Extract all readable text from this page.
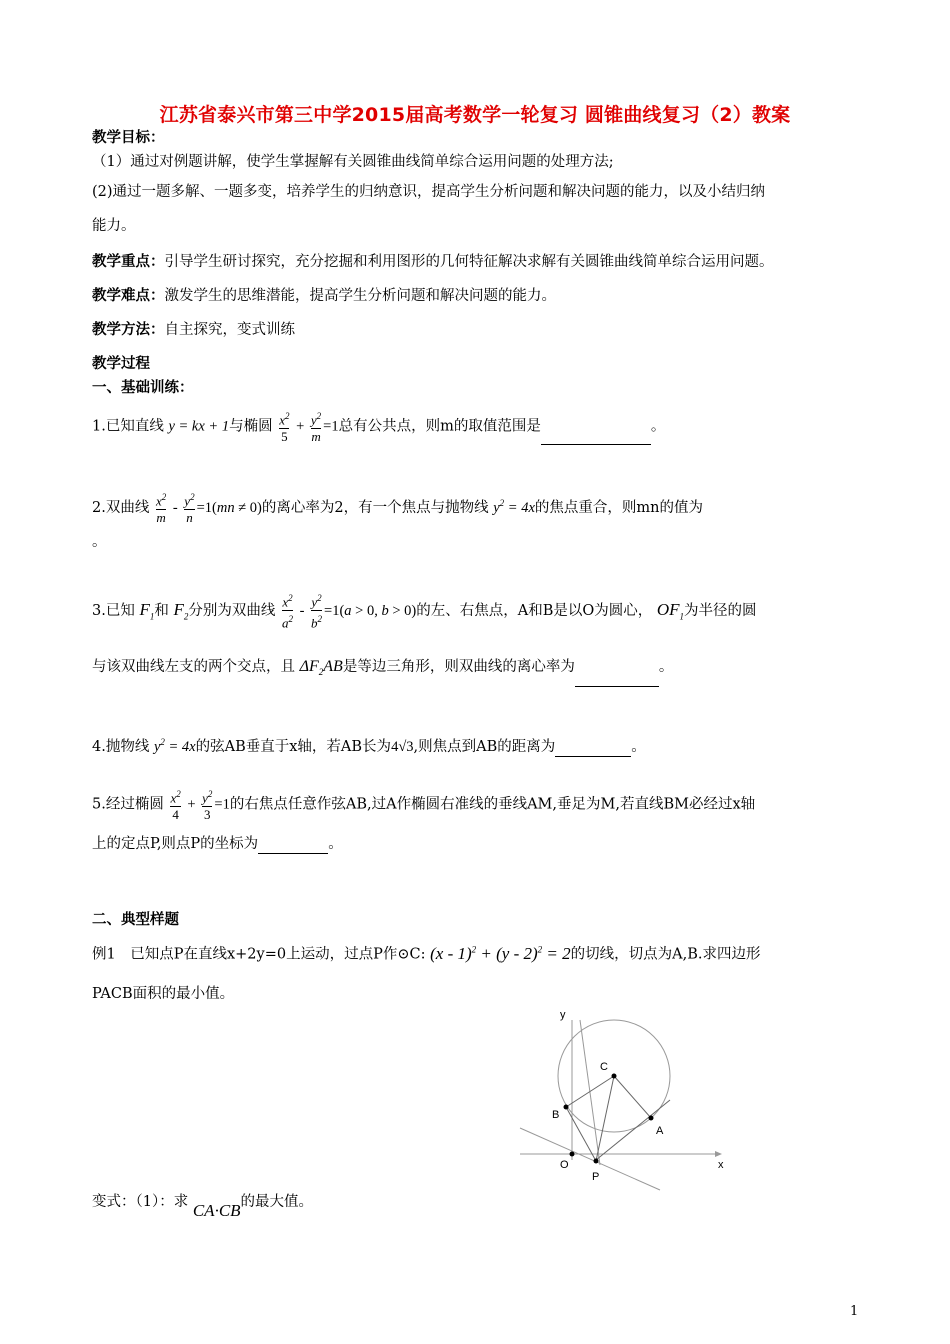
江苏省泰兴市第三中学2015届高考数学一轮复习 圆锥曲线复习（2）教案
教学目标：
（1）通过对例题讲解，使学生掌握解有关圆锥曲线简单综合运用问题的处理方法;
(2)通过一题多解、一题多变，培养学生的归纳意识，提高学生分析问题和解决问题的能力，以及小结归纳
能力。
教学重点：引导学生研讨探究，充分挖掘和利用图形的几何特征解决求解有关圆锥曲线简单综合运用问题。
教学难点：激发学生的思维潜能，提高学生分析问题和解决问题的能力。
教学方法：自主探究，变式训练
教学过程
一、基础训练：
1.已知直线 y = kx + 1与椭圆 $\frac{x^2}{5} + \frac{y^2}{m} =1$总有公共点，则m的取值范围是	。
2.双曲线 $\frac{x^2}{m} - \frac{y^2}{n} =1(mn \ne 0)$的离心率为2，有一个焦点与抛物线 $y^2 = 4x$的焦点重合，则mn的值为
。
3.已知 $F_1$和 $F_2$分别为双曲线 $\frac{x^2}{a^2} - \frac{y^2}{b^2} =1(a > 0$, b > 0)的左、右焦点，A和B是以O为圆心， $OF_1$为半径的圆
与该双曲线左支的两个交点，且 $\Delta F_2AB$是等边三角形，则双曲线的离心率为	。
4.抛物线 $y^2 = 4x$的弦AB垂直于x轴，若AB长为4√3,则焦点到AB的距离为	。
5.经过椭圆 $\frac{x^2}{4} + \frac{y^2}{3} =1$的右焦点任意作弦AB,过A作椭圆右准线的垂线AM,垂足为M,若直线BM必经过x轴
上的定点P,则点P的坐标为	。
二、典型样题
例1　已知点P在直线x+2y=0上运动，过点P作⊙C: (x - 1)$^2$ + (y - 2)$^2$ = 2的切线，切点为A,B.求四边形
PACB面积的最小值。
y
x
C
B
A
O
P
变式：（1）：求 CA·CB的最大值。
1
